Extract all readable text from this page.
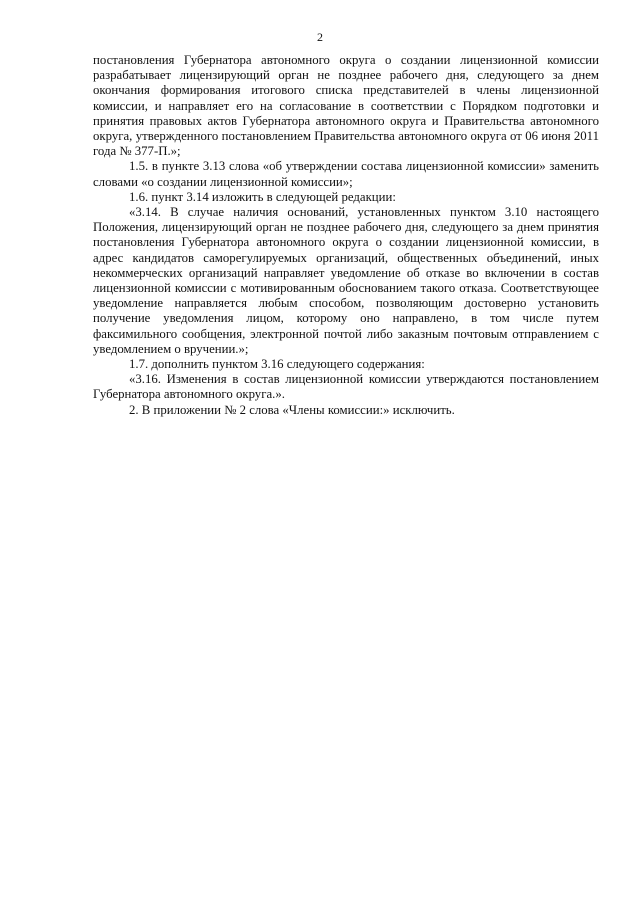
2

постановления Губернатора автономного округа о создании лицензионной комиссии разрабатывает лицензирующий орган не позднее рабочего дня, следующего за днем окончания формирования итогового списка представителей в члены лицензионной комиссии, и направляет его на согласование в соответствии с Порядком подготовки и принятия правовых актов Губернатора автономного округа и Правительства автономного округа, утвержденного постановлением Правительства автономного округа от 06 июня 2011 года № 377-П.»;

1.5. в пункте 3.13 слова «об утверждении состава лицензионной комиссии» заменить словами «о создании лицензионной комиссии»;

1.6. пункт 3.14 изложить в следующей редакции:

«3.14. В случае наличия оснований, установленных пунктом 3.10 настоящего Положения, лицензирующий орган не позднее рабочего дня, следующего за днем принятия постановления Губернатора автономного округа о создании лицензионной комиссии, в адрес кандидатов саморегулируемых организаций, общественных объединений, иных некоммерческих организаций направляет уведомление об отказе во включении в состав лицензионной комиссии с мотивированным обоснованием такого отказа. Соответствующее уведомление направляется любым способом, позволяющим достоверно установить получение уведомления лицом, которому оно направлено, в том числе путем факсимильного сообщения, электронной почтой либо заказным почтовым отправлением с уведомлением о вручении.»;

1.7. дополнить пунктом 3.16 следующего содержания:

«3.16. Изменения в состав лицензионной комиссии утверждаются постановлением Губернатора автономного округа.».

2. В приложении № 2 слова «Члены комиссии:» исключить.
